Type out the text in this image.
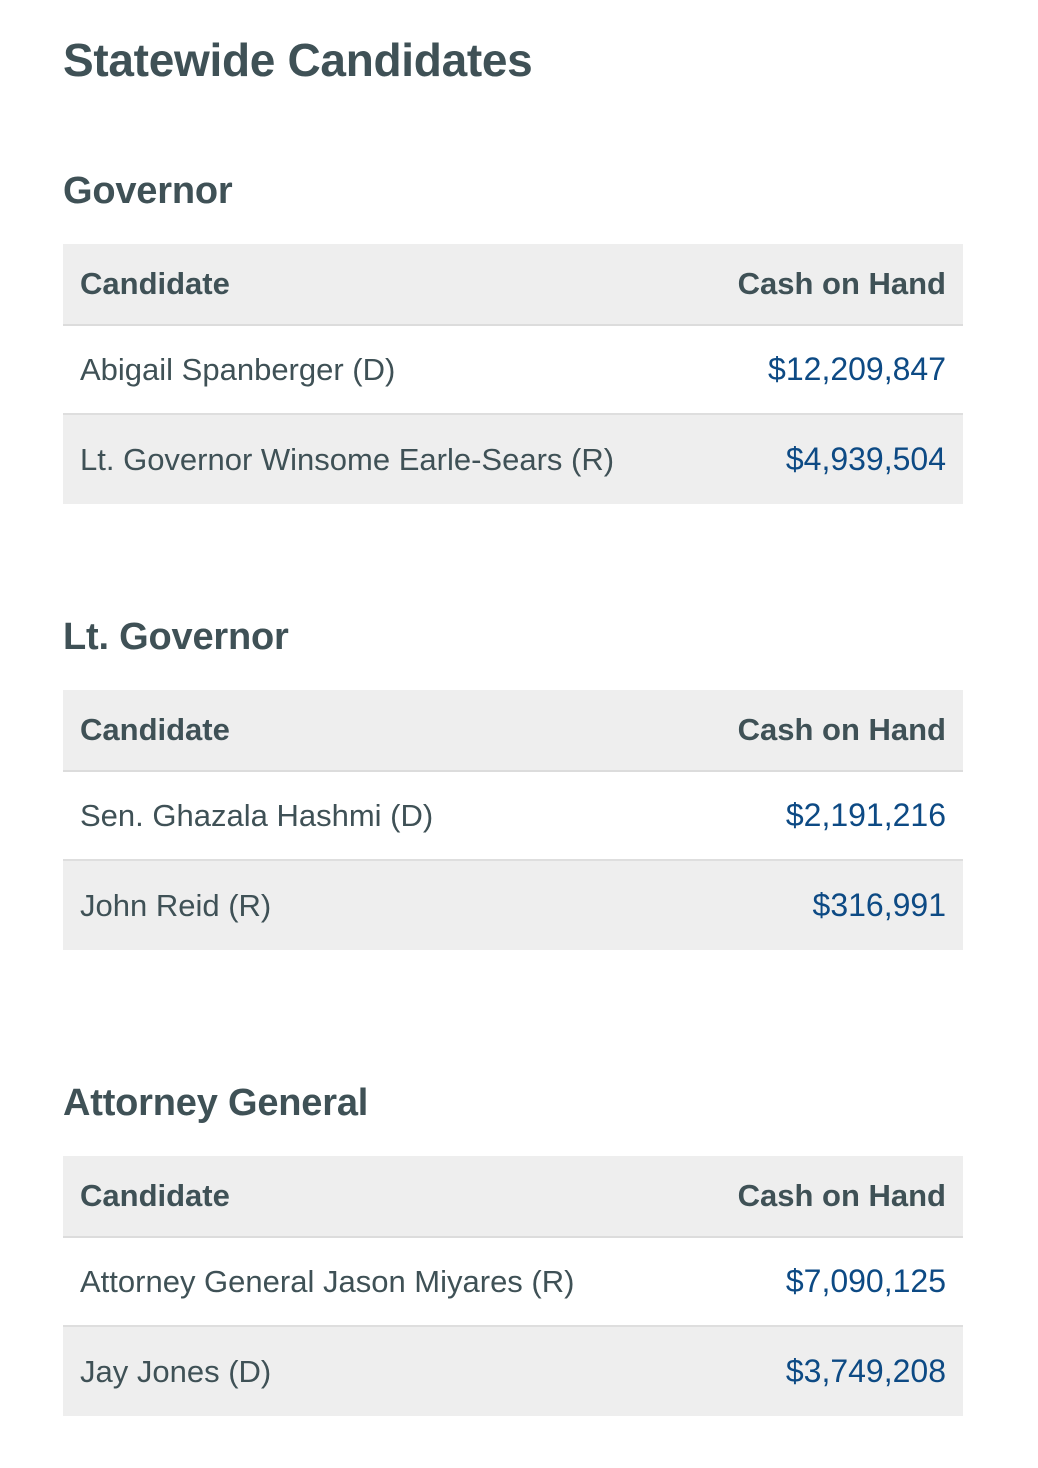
Statewide Candidates
Governor
Candidate	Cash on Hand
Abigail Spanberger (D)	$12,209,847
Lt. Governor Winsome Earle-Sears (R)	$4,939,504
Lt. Governor
Candidate	Cash on Hand
Sen. Ghazala Hashmi (D)	$2,191,216
John Reid (R)	$316,991
Attorney General
Candidate	Cash on Hand
Attorney General Jason Miyares (R)	$7,090,125
Jay Jones (D)	$3,749,208
